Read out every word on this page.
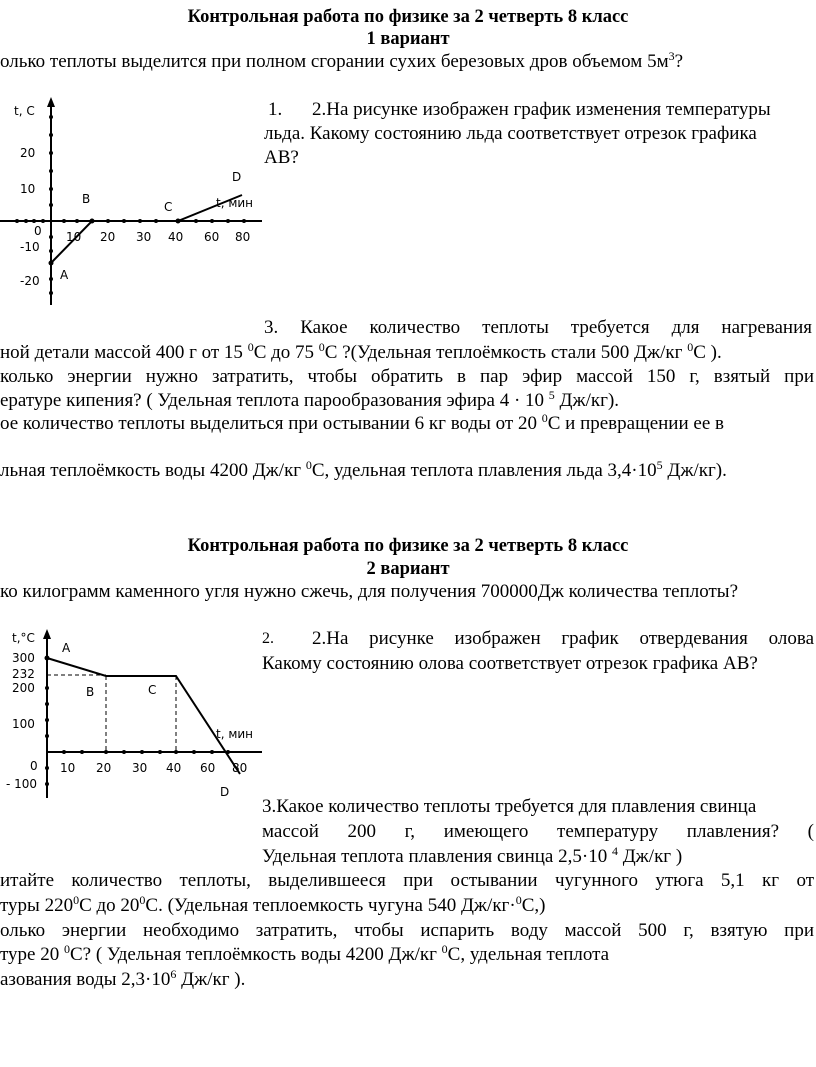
Контрольная работа по физике за 2 четверть 8 класс
1 вариант
олько теплоты выделится при полном сгорании сухих березовых дров объемом $5м^3$?
t, С
t, мин
20
10
0
-10
-20
10 20 30 40 60 80
A
B
C
D
1. 2.На рисунке изображен график изменения температуры
льда. Какому состоянию льда соответствует отрезок графика
АВ?
3. Какое количество теплоты требуется для нагревания
ной детали массой 400 г от 15 $^0$С до 75 $^0$С ?(Удельная теплоёмкость стали 500 Дж/кг $^0$С ).
колько энергии нужно затратить, чтобы обратить в пар эфир массой 150 г, взятый при
ературе кипения? ( Удельная теплота парообразования эфира 4 · 10 $^5$ Дж/кг).
ое количество теплоты выделиться при остывании 6 кг воды от 20 $^0$С и превращении ее в
льная теплоёмкость воды 4200 Дж/кг $^0$С, удельная теплота плавления льда $3,4\cdot 10^5$ Дж/кг).
Контрольная работа по физике за 2 четверть 8 класс
2 вариант
ко килограмм каменного угля нужно сжечь, для получения 700000Дж количества теплоты?
t,°C
t, мин
300
232
200
100
0
- 100
10 20 30 40 60 80
A
B	C
D
2. 2.На рисунке изображен график отвердевания олова
Какому состоянию олова соответствует отрезок графика АВ?
3.Какое количество теплоты требуется для плавления свинца
массой 200 г, имеющего температуру плавления? (
Удельная теплота плавления свинца 2,5·10 $^4$ Дж/кг )
итайте количество теплоты, выделившееся при остывании чугунного утюга 5,1 кг от
туры $220^0С$ до $20^0С$. (Удельная теплоемкость чугуна 540 Дж/кг·$^0$С,)
олько энергии необходимо затратить, чтобы испарить воду массой 500 г, взятую при
туре 20 $^0$С? ( Удельная теплоёмкость воды 4200 Дж/кг $^0$С, удельная теплота
азования воды $2,3\cdot 10^6$ Дж/кг ).
